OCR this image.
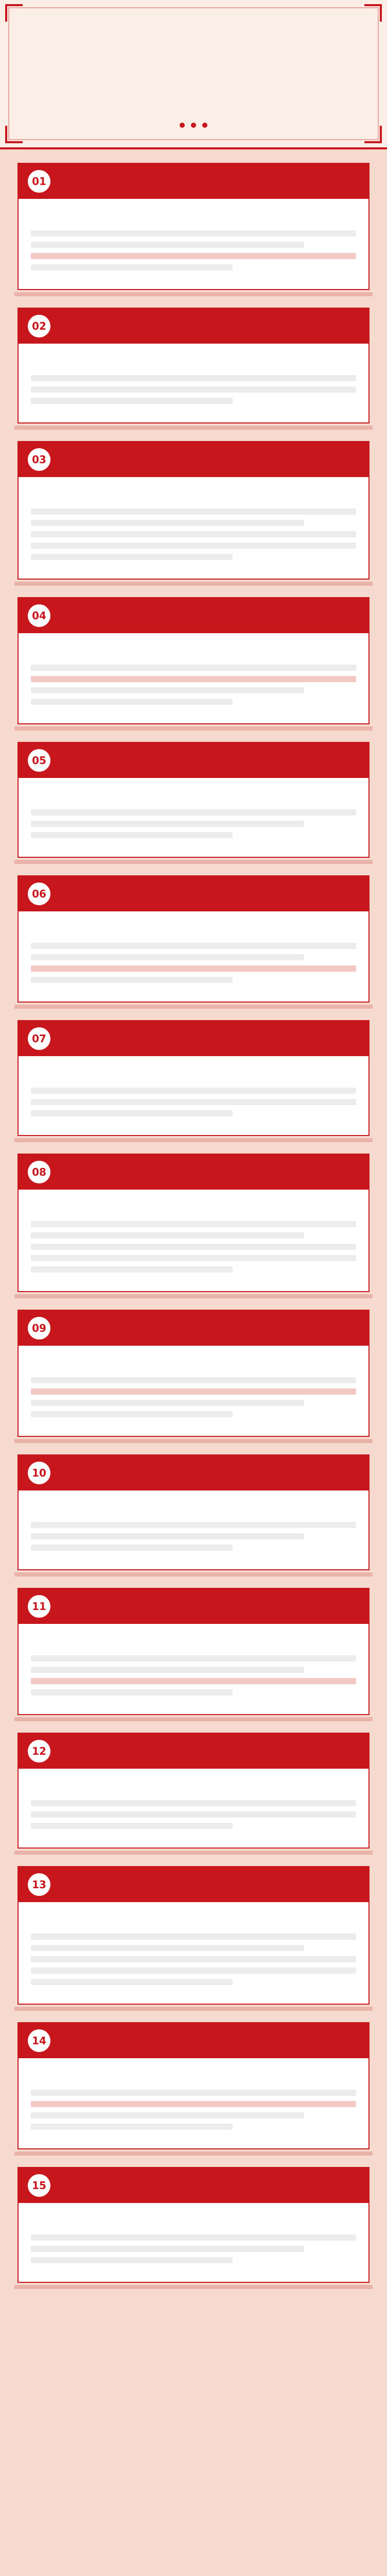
01
02
03
04
05
06
07
08
09
10
11
12
13
14
15
